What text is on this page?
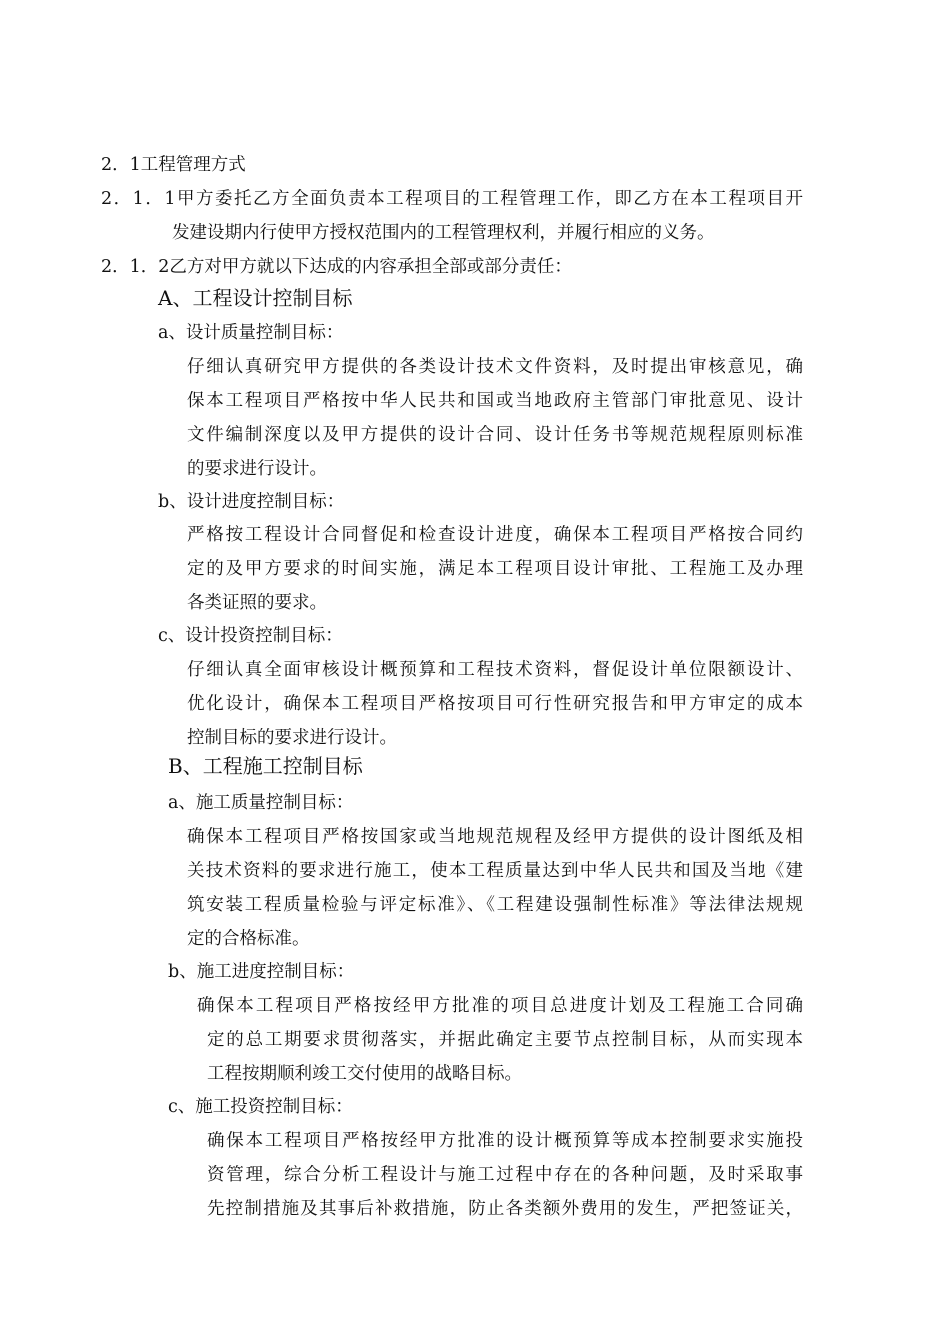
2．1工程管理方式
2．1．1甲方委托乙方全面负责本工程项目的工程管理工作，即乙方在本工程项目开
发建设期内行使甲方授权范围内的工程管理权利，并履行相应的义务。
2．1．2乙方对甲方就以下达成的内容承担全部或部分责任：
A、工程设计控制目标
a、设计质量控制目标：
仔细认真研究甲方提供的各类设计技术文件资料，及时提出审核意见，确
保本工程项目严格按中华人民共和国或当地政府主管部门审批意见、设计
文件编制深度以及甲方提供的设计合同、设计任务书等规范规程原则标准
的要求进行设计。
b、设计进度控制目标：
严格按工程设计合同督促和检查设计进度，确保本工程项目严格按合同约
定的及甲方要求的时间实施，满足本工程项目设计审批、工程施工及办理
各类证照的要求。
c、设计投资控制目标：
仔细认真全面审核设计概预算和工程技术资料，督促设计单位限额设计、
优化设计，确保本工程项目严格按项目可行性研究报告和甲方审定的成本
控制目标的要求进行设计。
B、工程施工控制目标
a、施工质量控制目标：
确保本工程项目严格按国家或当地规范规程及经甲方提供的设计图纸及相
关技术资料的要求进行施工，使本工程质量达到中华人民共和国及当地《建
筑安装工程质量检验与评定标准》、《工程建设强制性标准》等法律法规规
定的合格标准。
b、施工进度控制目标：
确保本工程项目严格按经甲方批准的项目总进度计划及工程施工合同确
定的总工期要求贯彻落实，并据此确定主要节点控制目标，从而实现本
工程按期顺利竣工交付使用的战略目标。
c、施工投资控制目标：
确保本工程项目严格按经甲方批准的设计概预算等成本控制要求实施投
资管理，综合分析工程设计与施工过程中存在的各种问题，及时采取事
先控制措施及其事后补救措施，防止各类额外费用的发生，严把签证关，
